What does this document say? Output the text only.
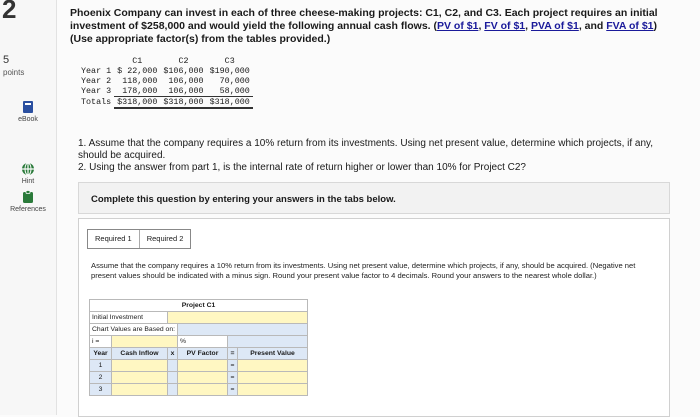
2
5
points
eBook
Hint
References
Phoenix Company can invest in each of three cheese-making projects: C1, C2, and C3. Each project requires an initial investment of $258,000 and would yield the following annual cash flows. (PV of $1, FV of $1, PVA of $1, and FVA of $1) (Use appropriate factor(s) from the tables provided.)
	C1	C2	C3
Year 1	$ 22,000	$106,000	$190,000
Year 2	118,000	106,000	70,000
Year 3	178,000	106,000	58,000
Totals	$318,000	$318,000	$318,000
1. Assume that the company requires a 10% return from its investments. Using net present value, determine which projects, if any, should be acquired.
2. Using the answer from part 1, is the internal rate of return higher or lower than 10% for Project C2?
Complete this question by entering your answers in the tabs below.
Required 1	Required 2
Assume that the company requires a 10% return from its investments. Using net present value, determine which projects, if any, should be acquired. (Negative net present values should be indicated with a minus sign. Round your present value factor to 4 decimals. Round your answers to the nearest whole dollar.)
Project C1					
Initial Investment					
Chart Values are Based on:					
i =			%		
Year	Cash Inflow	x	PV Factor	=	Present Value
1				=	
2				=	
3				=	
